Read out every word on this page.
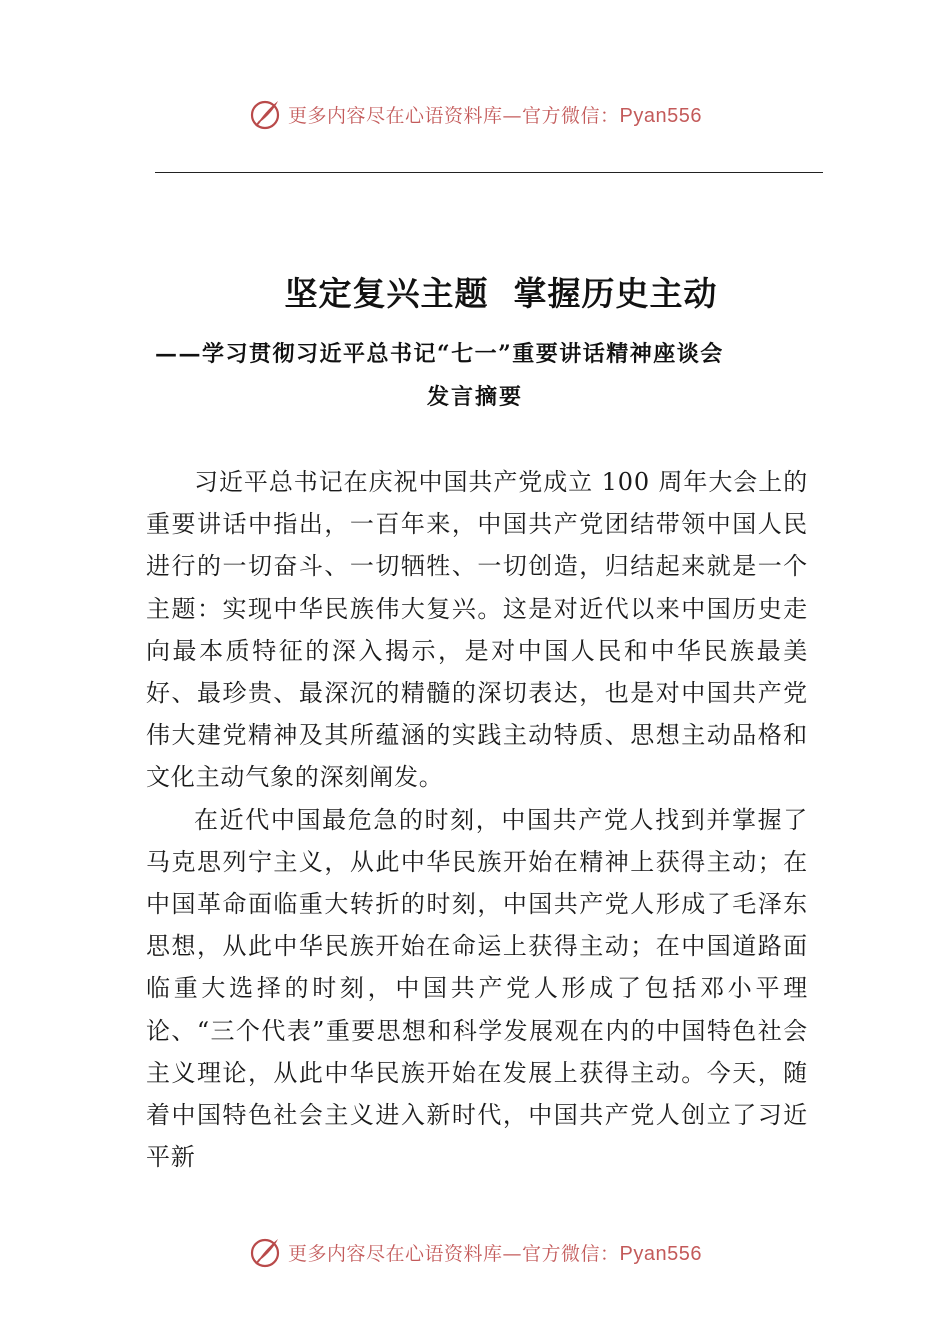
更多内容尽在心语资料库—官方微信：Pyan556
坚定复兴主题  掌握历史主动
——学习贯彻习近平总书记“七一”重要讲话精神座谈会
发言摘要

习近平总书记在庆祝中国共产党成立 100 周年大会上的重要讲话中指出，一百年来，中国共产党团结带领中国人民进行的一切奋斗、一切牺牲、一切创造，归结起来就是一个主题：实现中华民族伟大复兴。这是对近代以来中国历史走向最本质特征的深入揭示，是对中国人民和中华民族最美好、最珍贵、最深沉的精髓的深切表达，也是对中国共产党伟大建党精神及其所蕴涵的实践主动特质、思想主动品格和文化主动气象的深刻阐发。

在近代中国最危急的时刻，中国共产党人找到并掌握了马克思列宁主义，从此中华民族开始在精神上获得主动；在中国革命面临重大转折的时刻，中国共产党人形成了毛泽东思想，从此中华民族开始在命运上获得主动；在中国道路面临重大选择的时刻，中国共产党人形成了包括邓小平理论、“三个代表”重要思想和科学发展观在内的中国特色社会主义理论，从此中华民族开始在发展上获得主动。今天，随着中国特色社会主义进入新时代，中国共产党人创立了习近平新

更多内容尽在心语资料库—官方微信：Pyan556
